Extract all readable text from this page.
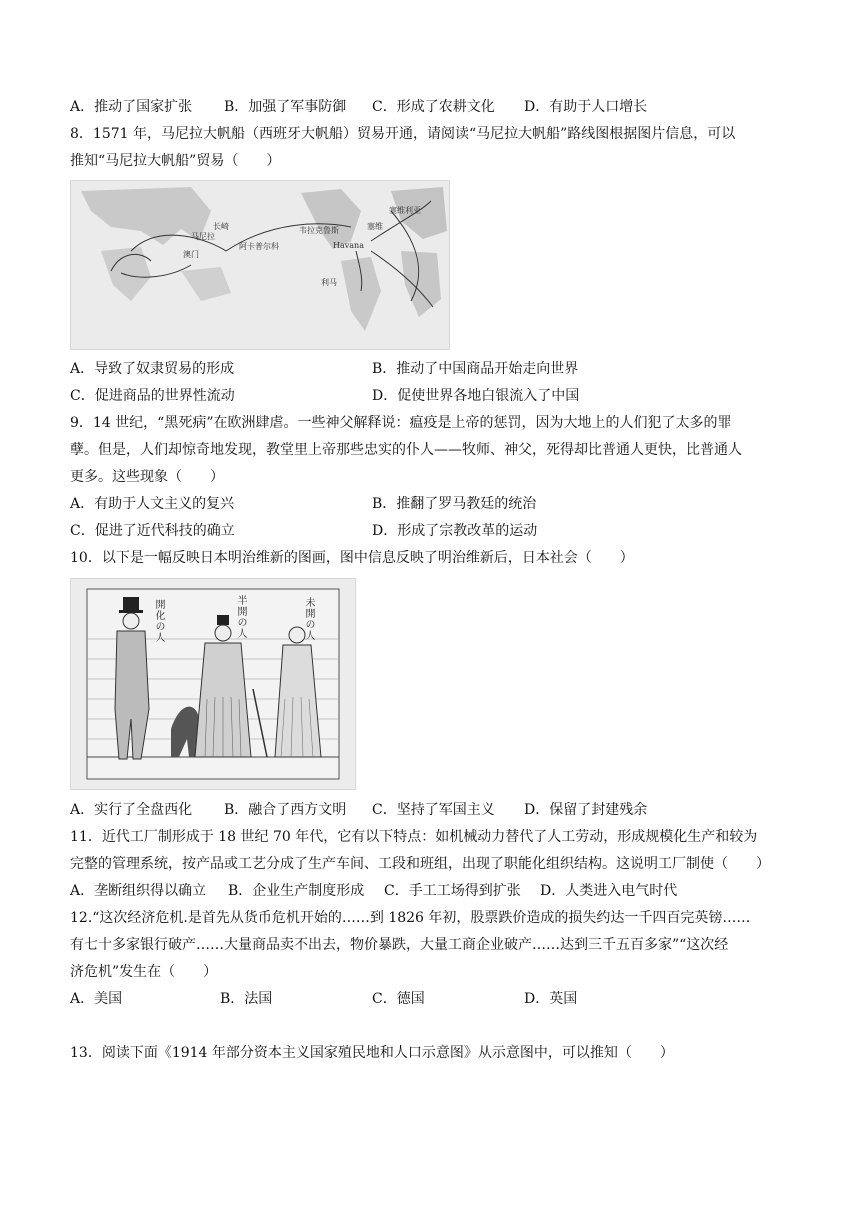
A．推动了国家扩张 B．加强了军事防御 C．形成了农耕文化 D．有助于人口增长
8．1571 年，马尼拉大帆船（西班牙大帆船）贸易开通，请阅读“马尼拉大帆船”路线图根据图片信息，可以
推知“马尼拉大帆船”贸易（　　）
长崎
阿卡普尔科
塞维利亚
利马
马尼拉
韦拉克鲁斯
澳门
Havana
塞维
A．导致了奴隶贸易的形成	B．推动了中国商品开始走向世界
C．促进商品的世界性流动	D．促使世界各地白银流入了中国
9．14 世纪，“黑死病”在欧洲肆虐。一些神父解释说：瘟疫是上帝的惩罚，因为大地上的人们犯了太多的罪
孽。但是，人们却惊奇地发现，教堂里上帝那些忠实的仆人——牧师、神父，死得却比普通人更快，比普通人
更多。这些现象（　　）
A．有助于人文主义的复兴	B．推翻了罗马教廷的统治
C．促进了近代科技的确立	D．形成了宗教改革的运动
10．以下是一幅反映日本明治维新的图画，图中信息反映了明治维新后，日本社会（　　）
開化の人	半開の人	未開の人
A．实行了全盘西化 B．融合了西方文明 C．坚持了军国主义 D．保留了封建残余
11．近代工厂制形成于 18 世纪 70 年代，它有以下特点：如机械动力替代了人工劳动，形成规模化生产和较为
完整的管理系统，按产品或工艺分成了生产车间、工段和班组，出现了职能化组织结构。这说明工厂制使（　　）
A．垄断组织得以确立 B．企业生产制度形成 C．手工工场得到扩张 D．人类进入电气时代
12.“这次经济危机.是首先从货币危机开始的……到 1826 年初，股票跌价造成的损失约达一千四百完英镑……
有七十多家银行破产……大量商品卖不出去，物价暴跌，大量工商企业破产……达到三千五百多家”“这次经
济危机”发生在（　　）
A．美国	B．法国	C．德国	D．英国
13．阅读下面《1914 年部分资本主义国家殖民地和人口示意图》从示意图中，可以推知（　　）
